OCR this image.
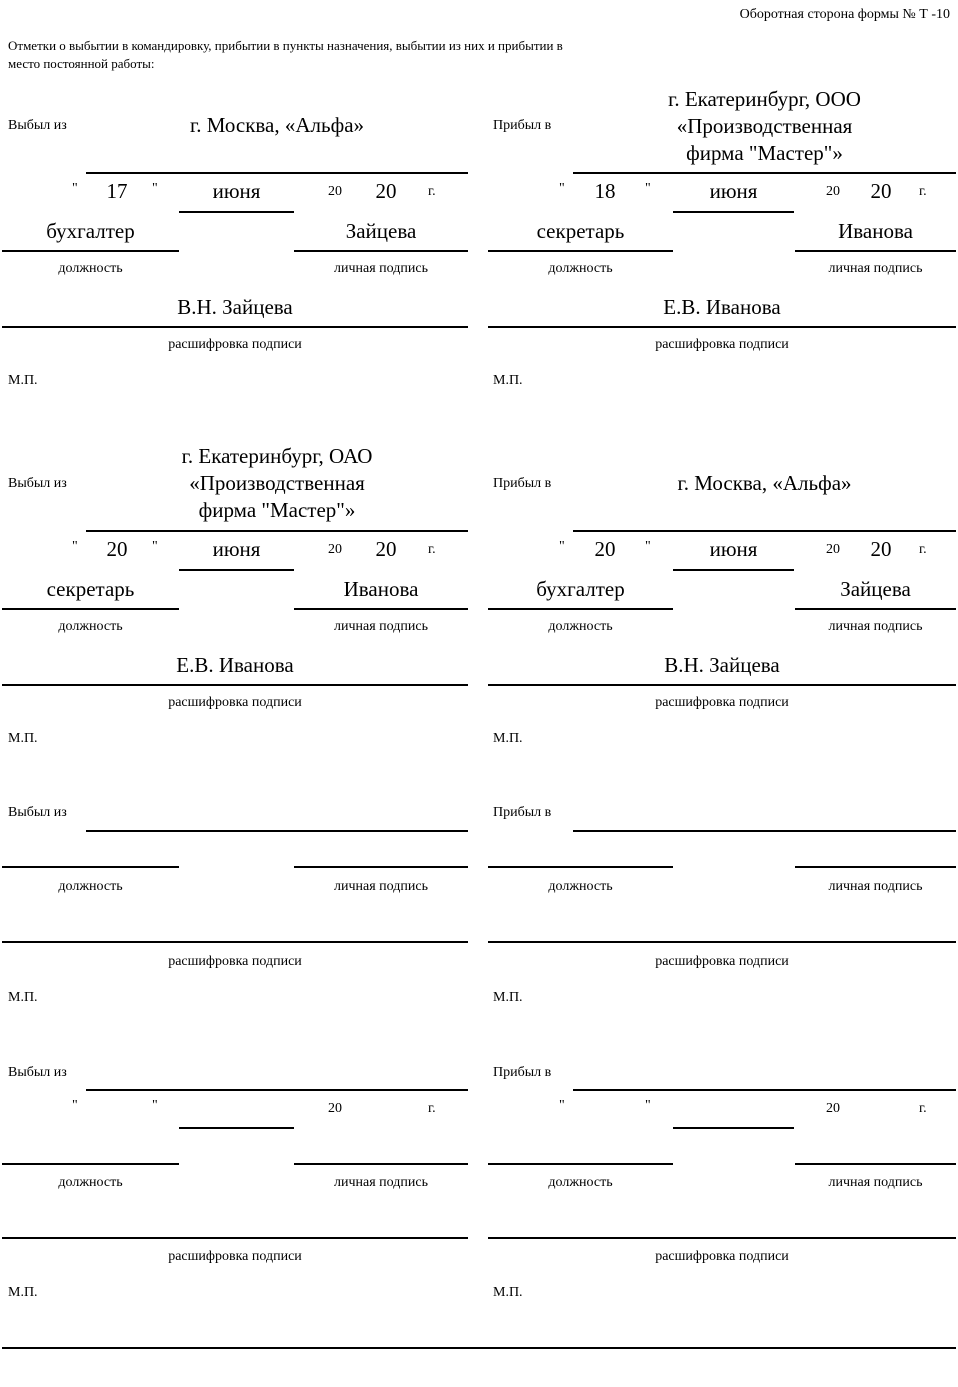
Оборотная сторона формы № Т -10
Отметки о выбытии в командировку, прибытии в пункты назначения, выбытии из них и прибытии в
место постоянной работы:
Выбыл из	г. Москва, «Альфа»
"	17	"	июня	20	20	г.
бухгалтер	Зайцева
должность	личная подпись
В.Н. Зайцева
расшифровка подписи
М.П.
Прибыл в
г. Екатеринбург, ООО
«Производственная
фирма "Мастер"»
"	18	"	июня	20	20	г.
секретарь	Иванова
должность	личная подпись
Е.В. Иванова
расшифровка подписи
М.П.
Выбыл из
г. Екатеринбург, ОАО
«Производственная
фирма "Мастер"»
"	20	"	июня	20	20	г.
секретарь	Иванова
должность	личная подпись
Е.В. Иванова
расшифровка подписи
М.П.
Прибыл в	г. Москва, «Альфа»
"	20	"	июня	20	20	г.
бухгалтер	Зайцева
должность	личная подпись
В.Н. Зайцева
расшифровка подписи
М.П.
Выбыл из
должность	личная подпись
расшифровка подписи
М.П.
Прибыл в
должность	личная подпись
расшифровка подписи
М.П.
Выбыл из
"	"	20	г.
должность	личная подпись
расшифровка подписи
М.П.
Прибыл в
"	"	20	г.
должность	личная подпись
расшифровка подписи
М.П.
